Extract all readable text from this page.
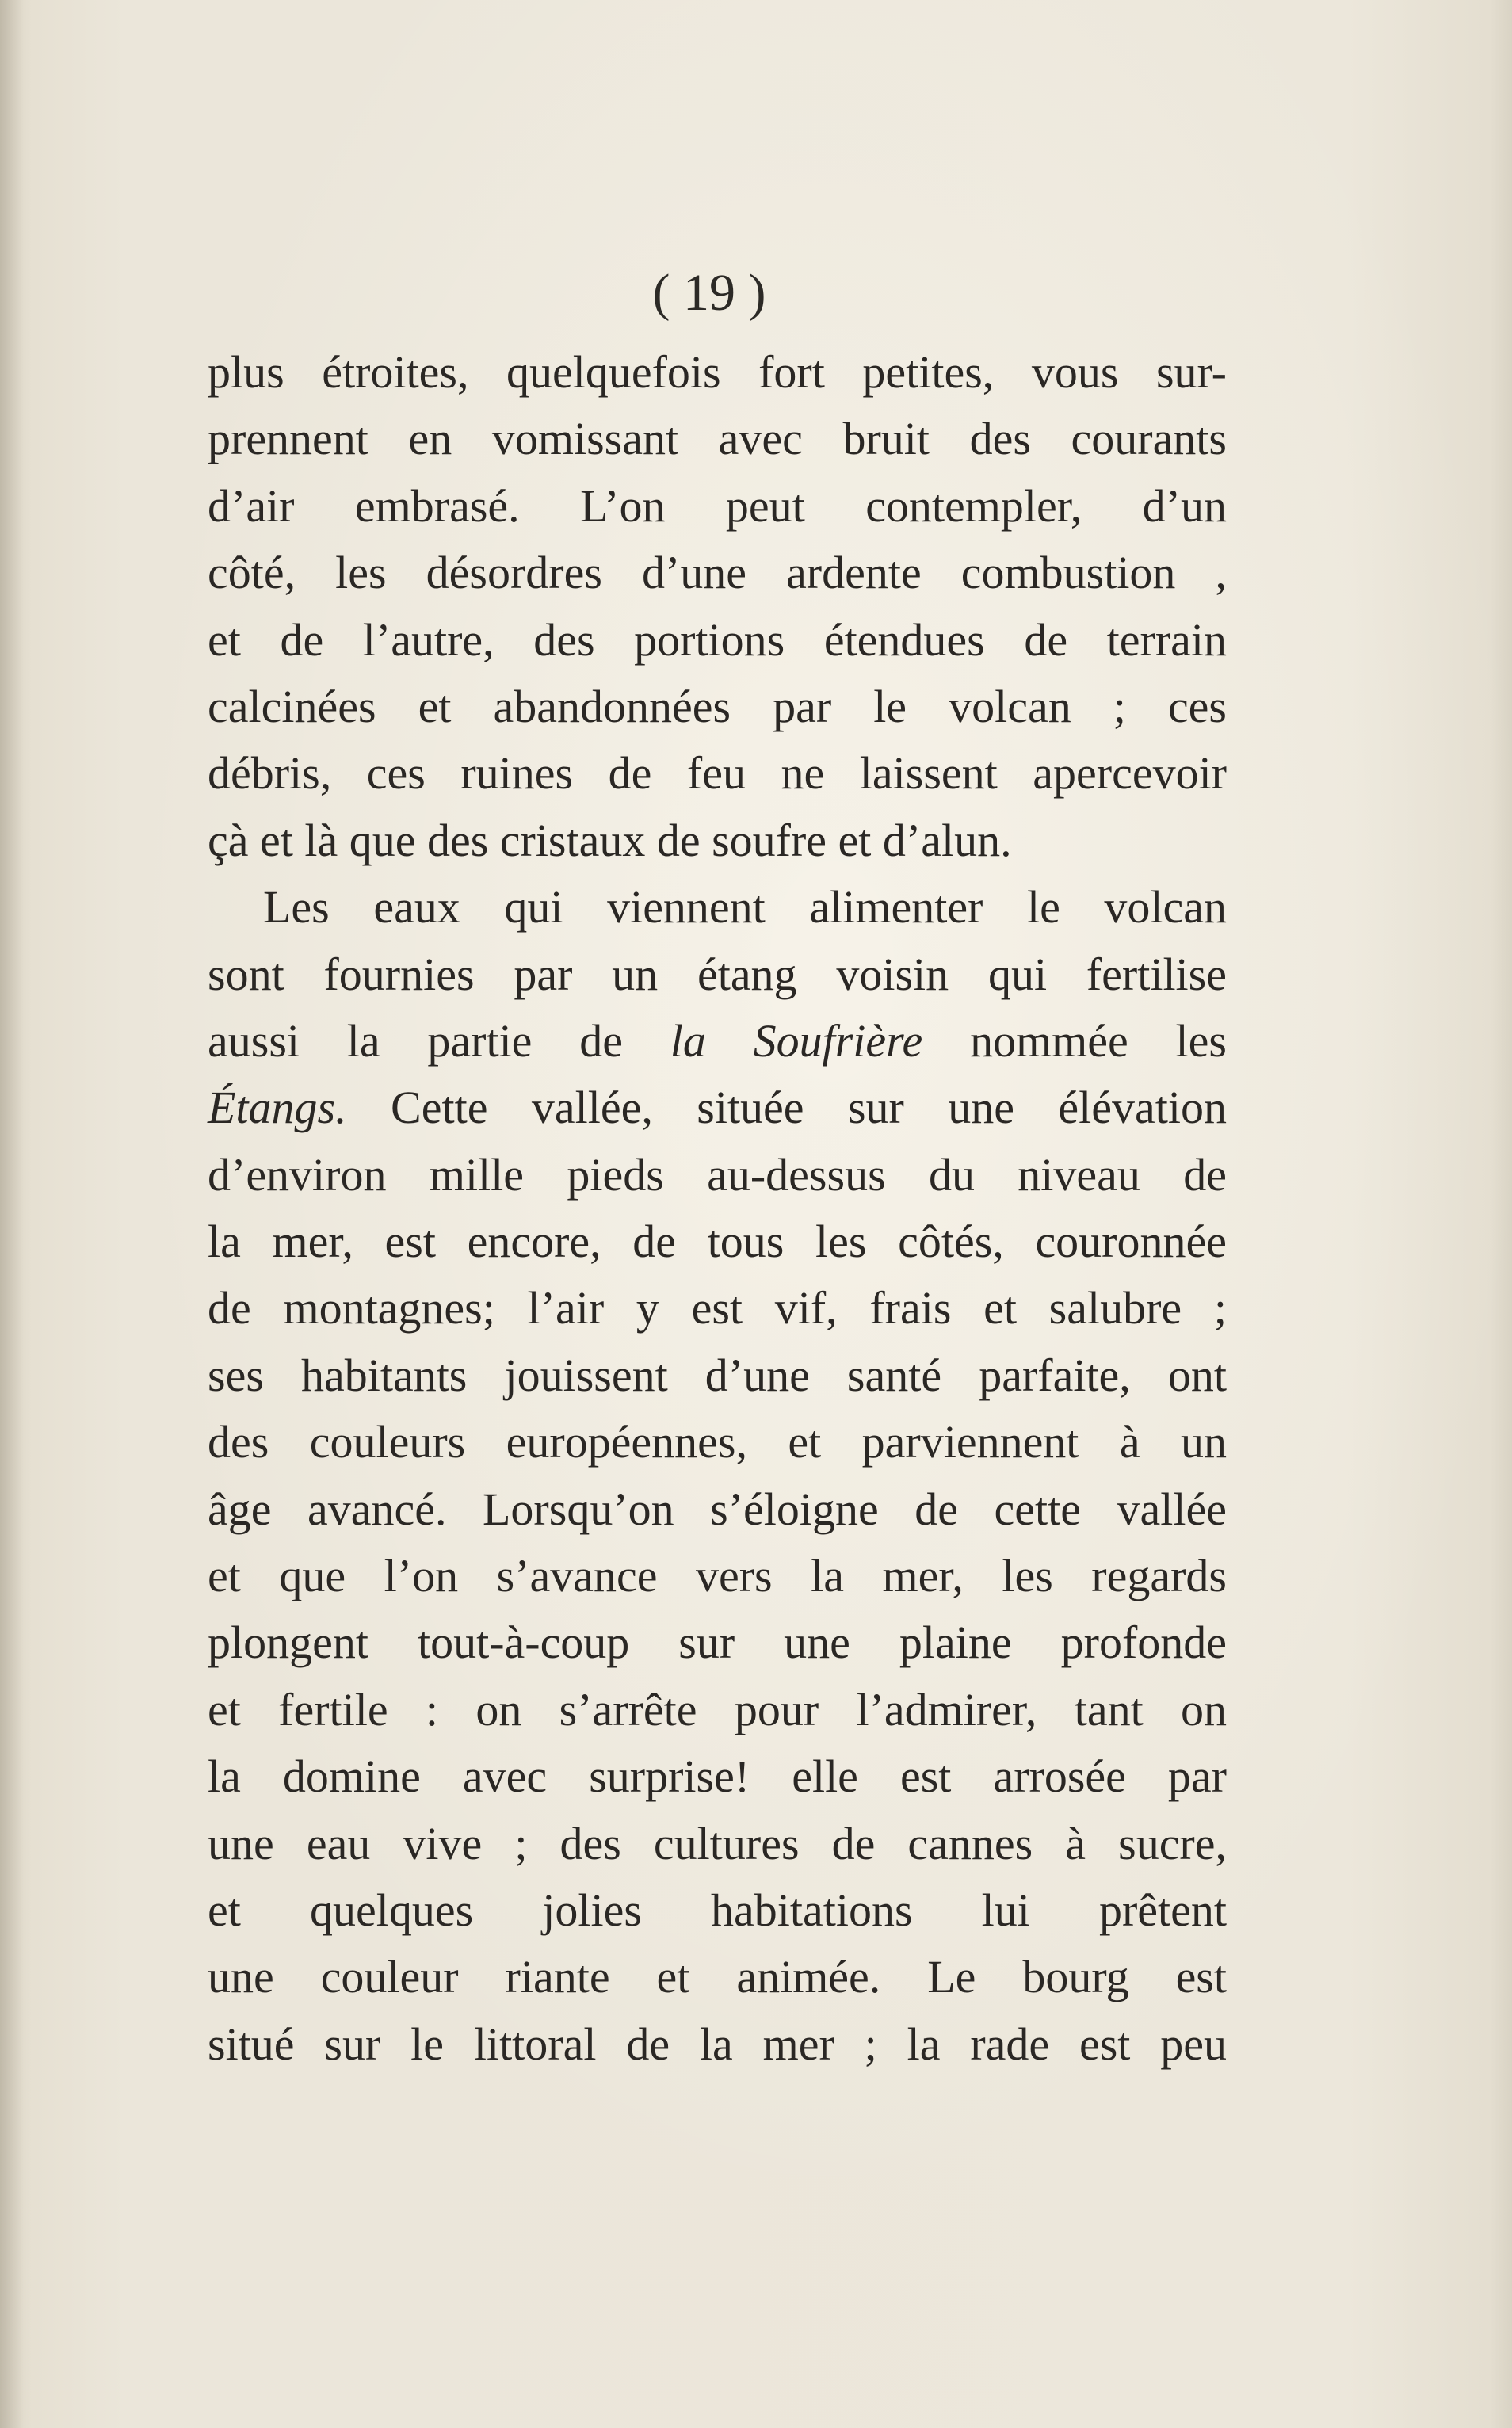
( 19 )

plus étroites, quelquefois fort petites, vous sur-
prennent en vomissant avec bruit des courants
d’air embrasé. L’on peut contempler, d’un
côté, les désordres d’une ardente combustion ,
et de l’autre, des portions étendues de terrain
calcinées et abandonnées par le volcan ; ces
débris, ces ruines de feu ne laissent apercevoir
çà et là que des cristaux de soufre et d’alun.
Les eaux qui viennent alimenter le volcan
sont fournies par un étang voisin qui fertilise
aussi la partie de la Soufrière nommée les
Étangs. Cette vallée, située sur une élévation
d’environ mille pieds au-dessus du niveau de
la mer, est encore, de tous les côtés, couronnée
de montagnes; l’air y est vif, frais et salubre ;
ses habitants jouissent d’une santé parfaite, ont
des couleurs européennes, et parviennent à un
âge avancé. Lorsqu’on s’éloigne de cette vallée
et que l’on s’avance vers la mer, les regards
plongent tout-à-coup sur une plaine profonde
et fertile : on s’arrête pour l’admirer, tant on
la domine avec surprise! elle est arrosée par
une eau vive ; des cultures de cannes à sucre,
et quelques jolies habitations lui prêtent
une couleur riante et animée. Le bourg est
situé sur le littoral de la mer ; la rade est peu
